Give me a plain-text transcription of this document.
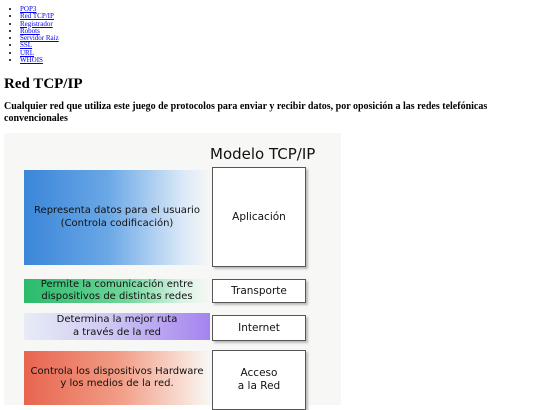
• POP3
• Red TCP/IP
• Registrador
• Robots
• Servidor Raíz
• SSL
• URL
• WHOIS
Red TCP/IP
Cualquier red que utiliza este juego de protocolos para enviar y recibir datos, por oposición a las redes telefónicas convencionales
Modelo TCP/IP
Representa datos para el usuario
(Controla codificación)
Aplicación
Permite la comunicación entre
dispositivos de distintas redes	Transporte
Determina la mejor ruta
a través de la red	Internet
Controla los dispositivos Hardware
y los medios de la red.
Acceso
a la Red
